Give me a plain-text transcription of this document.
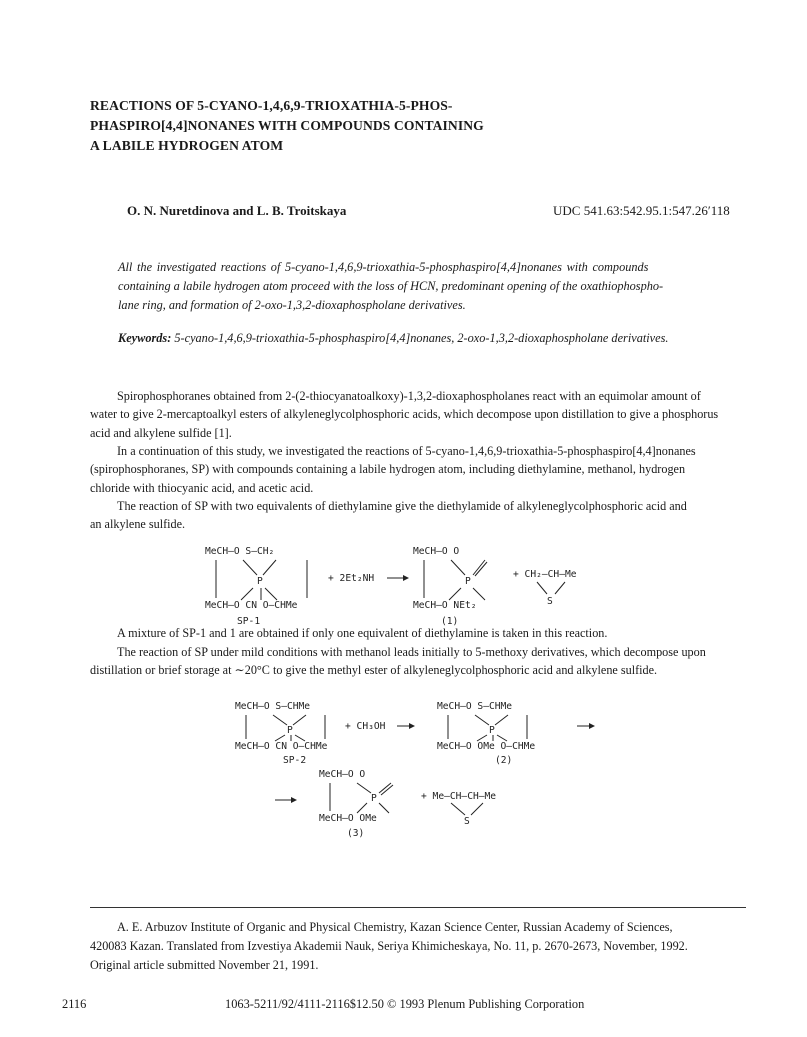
REACTIONS OF 5-CYANO-1,4,6,9-TRIOXATHIA-5-PHOS-
PHASPIRO[4,4]NONANES WITH COMPOUNDS CONTAINING
A LABILE HYDROGEN ATOM
O. N. Nuretdinova and L. B. Troitskaya	UDC 541.63:542.95.1:547.26′118
All the investigated reactions of 5-cyano-1,4,6,9-trioxathia-5-phosphaspiro[4,4]nonanes with compounds
containing a labile hydrogen atom proceed with the loss of HCN, predominant opening of the oxathiophospho-
lane ring, and formation of 2-oxo-1,3,2-dioxaphospholane derivatives.
Keywords: 5-cyano-1,4,6,9-trioxathia-5-phosphaspiro[4,4]nonanes, 2-oxo-1,3,2-dioxaphospholane derivatives.
Spirophosphoranes obtained from 2-(2-thiocyanatoalkoxy)-1,3,2-dioxaphospholanes react with an equimolar amount of
water to give 2-mercaptoalkyl esters of alkyleneglycolphosphoric acids, which decompose upon distillation to give a phosphorus
acid and alkylene sulfide [1].
In a continuation of this study, we investigated the reactions of 5-cyano-1,4,6,9-trioxathia-5-phosphaspiro[4,4]nonanes
(spirophosphoranes, SP) with compounds containing a labile hydrogen atom, including diethylamine, methanol, hydrogen
chloride with thiocyanic acid, and acetic acid.
The reaction of SP with two equivalents of diethylamine give the diethylamide of alkyleneglycolphosphoric acid and
an alkylene sulfide.
MeCH—O S—CH₂
P
MeCH—O CN O—CHMe
SP-1
+ 2Et₂NH
MeCH—O O
P
MeCH—O NEt₂
(1)
+ CH₂—CH—Me
S
A mixture of SP-1 and 1 are obtained if only one equivalent of diethylamine is taken in this reaction.
The reaction of SP under mild conditions with methanol leads initially to 5-methoxy derivatives, which decompose upon
distillation or brief storage at ∼20°C to give the methyl ester of alkyleneglycolphosphoric acid and alkylene sulfide.
MeCH—O S—CHMe
P
MeCH—O CN O—CHMe
SP-2
+ CH₃OH
MeCH—O S—CHMe
P
MeCH—O OMe O—CHMe
(2)
MeCH—O O
P
MeCH—O OMe
(3)
+ Me—CH—CH—Me
S
A. E. Arbuzov Institute of Organic and Physical Chemistry, Kazan Science Center, Russian Academy of Sciences,
420083 Kazan. Translated from Izvestiya Akademii Nauk, Seriya Khimicheskaya, No. 11, p. 2670-2673, November, 1992.
Original article submitted November 21, 1991.
2116	1063-5211/92/4111-2116$12.50 © 1993 Plenum Publishing Corporation
